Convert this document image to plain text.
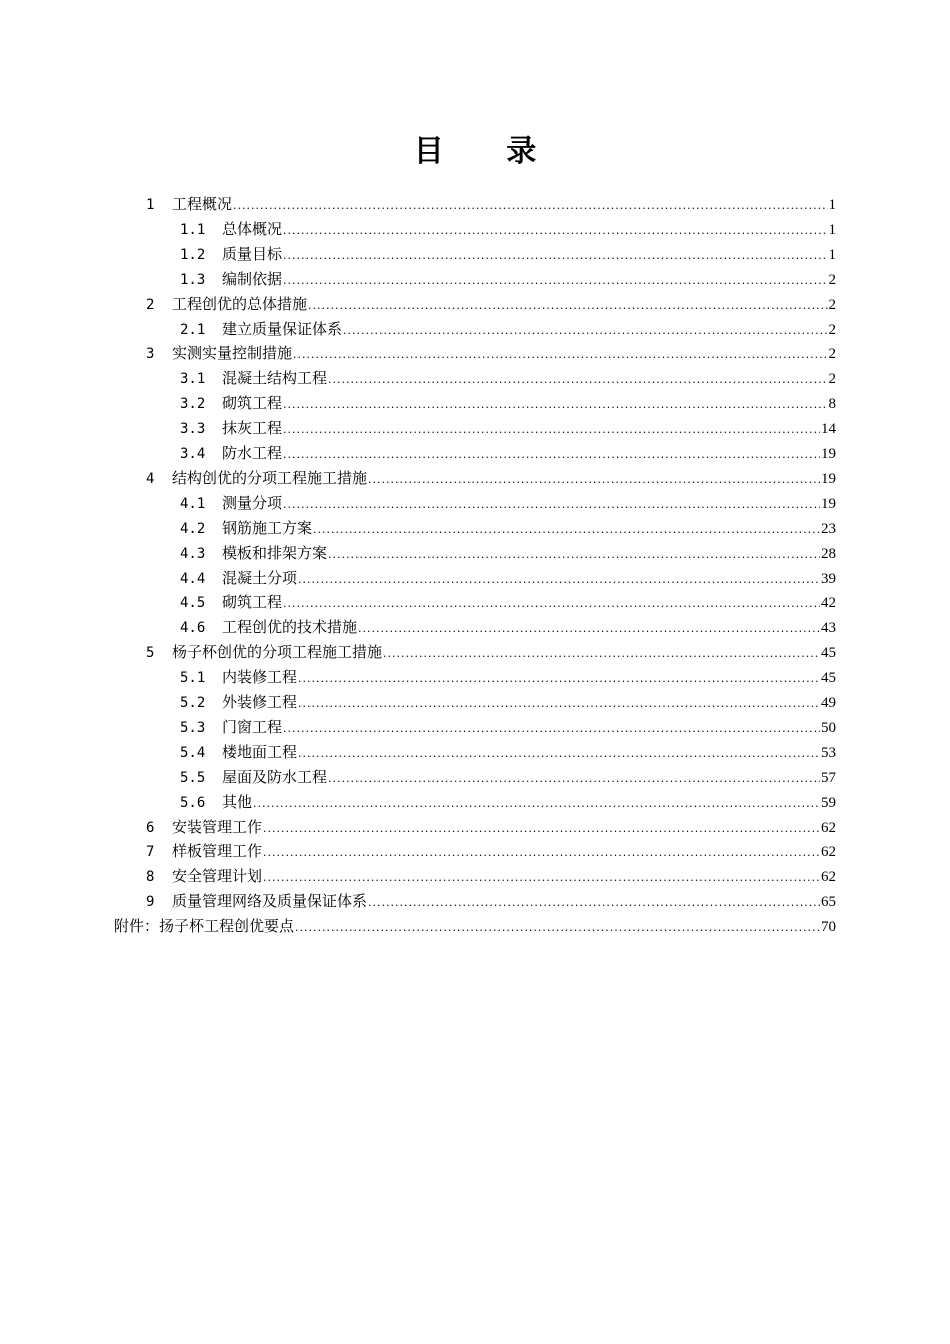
目 录
1	工程概况 .....	1
1.1	总体概况 .....	1
1.2	质量目标 .....	1
1.3	编制依据 .....	2
2	工程创优的总体措施 .....	2
2.1	建立质量保证体系 .....	2
3	实测实量控制措施 .....	2
3.1	混凝土结构工程 .....	2
3.2	砌筑工程 .....	8
3.3	抹灰工程 .....	14
3.4	防水工程 .....	19
4	结构创优的分项工程施工措施 .....	19
4.1	测量分项 .....	19
4.2	钢筋施工方案 .....	23
4.3	模板和排架方案 .....	28
4.4	混凝土分项 .....	39
4.5	砌筑工程 .....	42
4.6	工程创优的技术措施 .....	43
5	杨子杯创优的分项工程施工措施 .....	45
5.1	内装修工程 .....	45
5.2	外装修工程 .....	49
5.3	门窗工程 .....	50
5.4	楼地面工程 .....	53
5.5	屋面及防水工程 .....	57
5.6	其他 .....	59
6	安装管理工作 .....	62
7	样板管理工作 .....	62
8	安全管理计划 .....	62
9	质量管理网络及质量保证体系 .....	65
附件：扬子杯工程创优要点 .....	70
